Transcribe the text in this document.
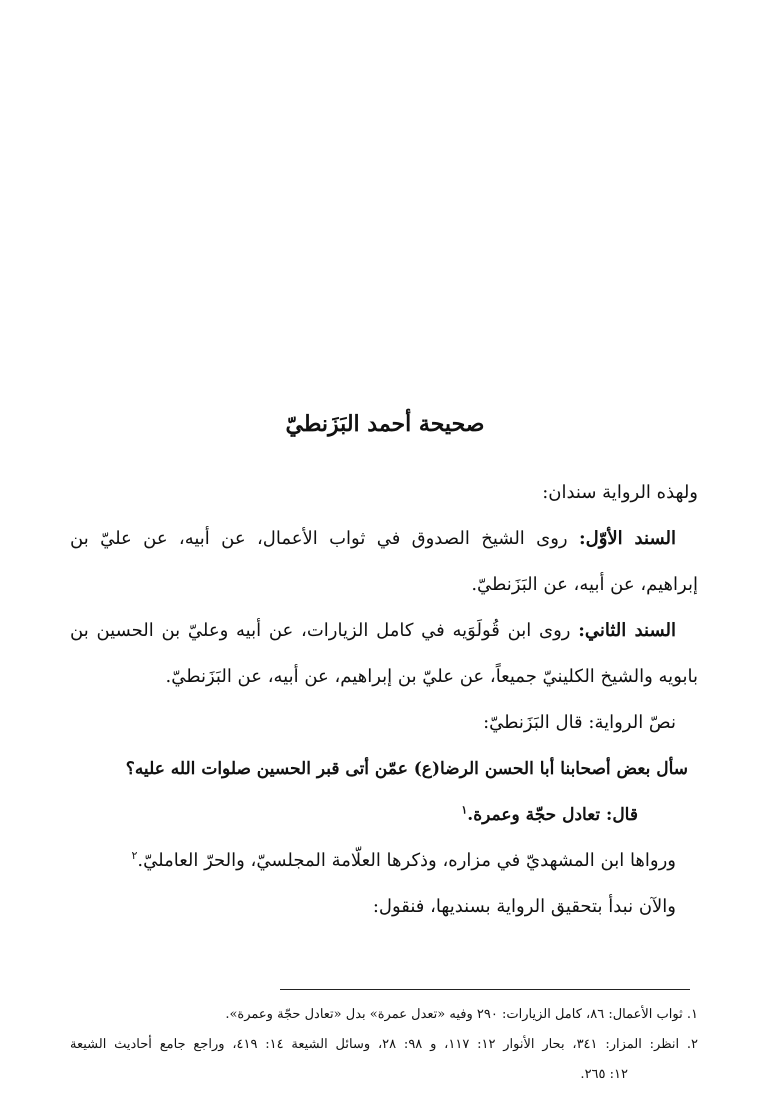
صحيحة أحمد البَزَنطيّ
ولهذه الرواية سندان:
السند الأوّل: روى الشيخ الصدوق في ثواب الأعمال، عن أبيه، عن عليّ بن
إبراهيم، عن أبيه، عن البَزَنطيّ.
السند الثاني: روى ابن قُولَوَيه في كامل الزيارات، عن أبيه وعليّ بن الحسين بن
بابويه والشيخ الكلينيّ جميعاً، عن عليّ بن إبراهيم، عن أبيه، عن البَزَنطيّ.
نصّ الرواية: قال البَزَنطيّ:
سأل بعض أصحابنا أبا الحسن الرضا(ع) عمّن أتى قبر الحسين صلوات الله عليه؟
قال: تعادل حجّة وعمرة.$^١$
ورواها ابن المشهديّ في مزاره، وذكرها العلّامة المجلسيّ، والحرّ العامليّ.$^٢$
والآن نبدأ بتحقيق الرواية بسنديها، فنقول:
١. ثواب الأعمال: ٨٦، كامل الزيارات: ٢٩٠ وفيه «تعدل عمرة» بدل «تعادل حجّة وعمرة».
٢. انظر: المزار: ٣٤١، بحار الأنوار ١٢: ١١٧، و ٩٨: ٢٨، وسائل الشيعة ١٤: ٤١٩، وراجع جامع أحاديث الشيعة
١٢: ٢٦٥.
